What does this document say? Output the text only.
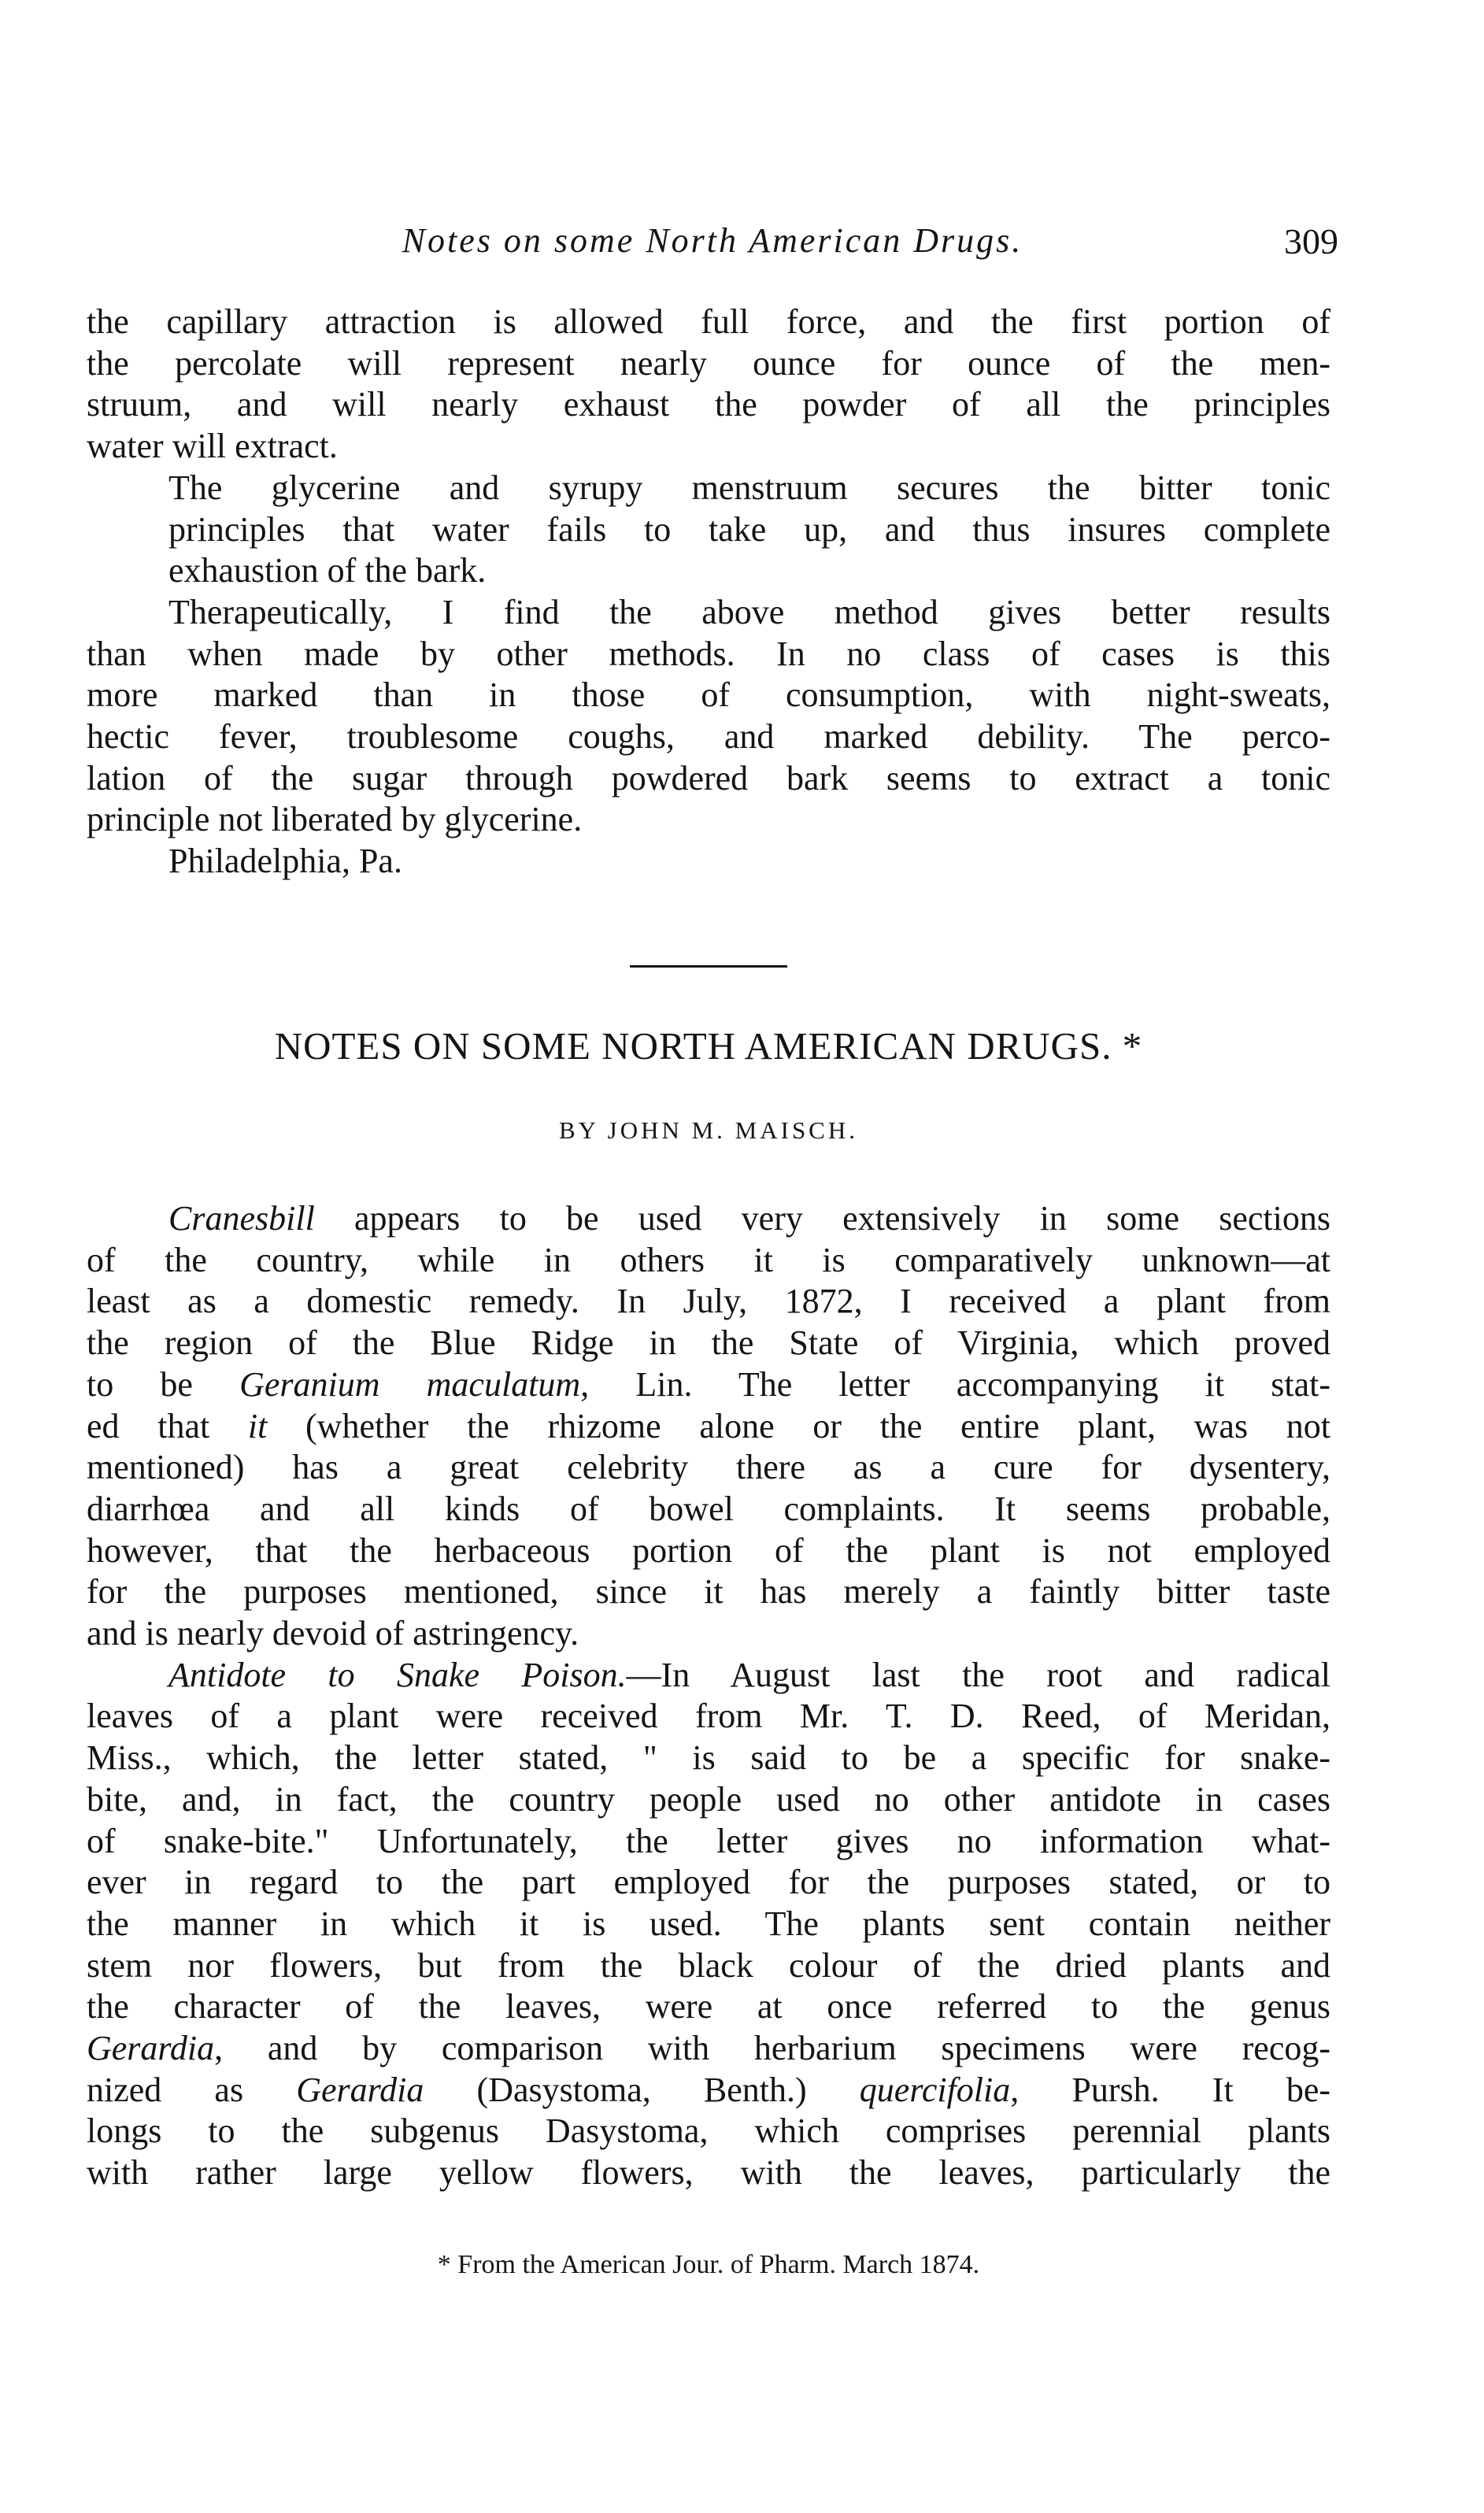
Notes on some North American Drugs.	309

the capillary attraction is allowed full force, and the first portion of
the percolate will represent nearly ounce for ounce of the men-
struum, and will nearly exhaust the powder of all the principles
water will extract.

The glycerine and syrupy menstruum secures the bitter tonic
principles that water fails to take up, and thus insures complete
exhaustion of the bark.

Therapeutically, I find the above method gives better results
than when made by other methods. In no class of cases is this
more marked than in those of consumption, with night-sweats,
hectic fever, troublesome coughs, and marked debility. The perco-
lation of the sugar through powdered bark seems to extract a tonic
principle not liberated by glycerine.

Philadelphia, Pa.

NOTES ON SOME NORTH AMERICAN DRUGS. *
BY JOHN M. MAISCH.

Cranesbill appears to be used very extensively in some sections
of the country, while in others it is comparatively unknown—at
least as a domestic remedy. In July, 1872, I received a plant from
the region of the Blue Ridge in the State of Virginia, which proved
to be Geranium maculatum, Lin. The letter accompanying it stat-
ed that it (whether the rhizome alone or the entire plant, was not
mentioned) has a great celebrity there as a cure for dysentery,
diarrhœa and all kinds of bowel complaints. It seems probable,
however, that the herbaceous portion of the plant is not employed
for the purposes mentioned, since it has merely a faintly bitter taste
and is nearly devoid of astringency.

Antidote to Snake Poison.—In August last the root and radical
leaves of a plant were received from Mr. T. D. Reed, of Meridan,
Miss., which, the letter stated, " is said to be a specific for snake-
bite, and, in fact, the country people used no other antidote in cases
of snake-bite." Unfortunately, the letter gives no information what-
ever in regard to the part employed for the purposes stated, or to
the manner in which it is used. The plants sent contain neither
stem nor flowers, but from the black colour of the dried plants and
the character of the leaves, were at once referred to the genus
Gerardia, and by comparison with herbarium specimens were recog-
nized as Gerardia (Dasystoma, Benth.) quercifolia, Pursh. It be-
longs to the subgenus Dasystoma, which comprises perennial plants
with rather large yellow flowers, with the leaves, particularly the

* From the American Jour. of Pharm. March 1874.
